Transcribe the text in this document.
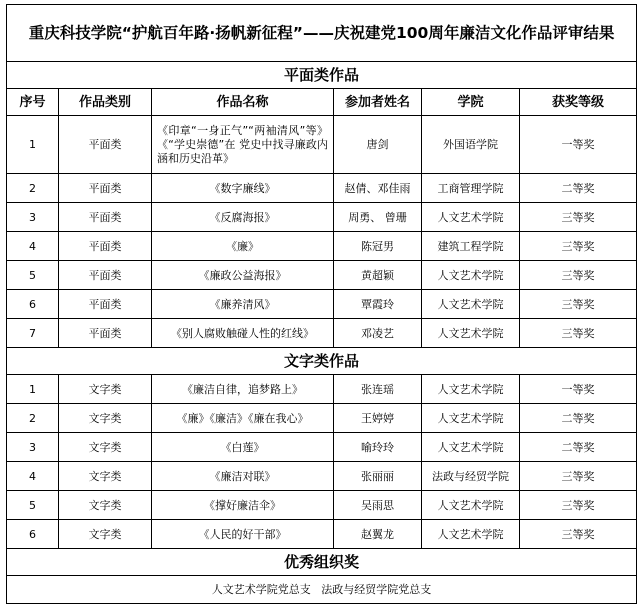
重庆科技学院“护航百年路·扬帆新征程”——庆祝建党100周年廉洁文化作品评审结果					
平面类作品					
序号	作品类别	作品名称	参加者姓名	学院	获奖等级
1	平面类	《印章“一身正气”“两袖清风”等》《“学史崇德”在 党史中找寻廉政内涵和历史沿革》	唐剑	外国语学院	一等奖
2	平面类	《数字廉线》	赵倩、邓佳雨	工商管理学院	二等奖
3	平面类	《反腐海报》	周勇、 曾珊	人文艺术学院	三等奖
4	平面类	《廉》	陈冠男	建筑工程学院	三等奖
5	平面类	《廉政公益海报》	黄超颖	人文艺术学院	三等奖
6	平面类	《廉养清风》	覃霞玲	人文艺术学院	三等奖
7	平面类	《别人腐败触碰人性的红线》	邓凌艺	人文艺术学院	三等奖
文字类作品					
1	文字类	《廉洁自律，追梦路上》	张连瑶	人文艺术学院	一等奖
2	文字类	《廉》《廉洁》《廉在我心》	王婷婷	人文艺术学院	二等奖
3	文字类	《白莲》	喻玲玲	人文艺术学院	二等奖
4	文字类	《廉洁对联》	张丽丽	法政与经贸学院	三等奖
5	文字类	《撑好廉洁伞》	吴雨思	人文艺术学院	三等奖
6	文字类	《人民的好干部》	赵翼龙	人文艺术学院	三等奖
优秀组织奖					
人文艺术学院党总支   法政与经贸学院党总支					
